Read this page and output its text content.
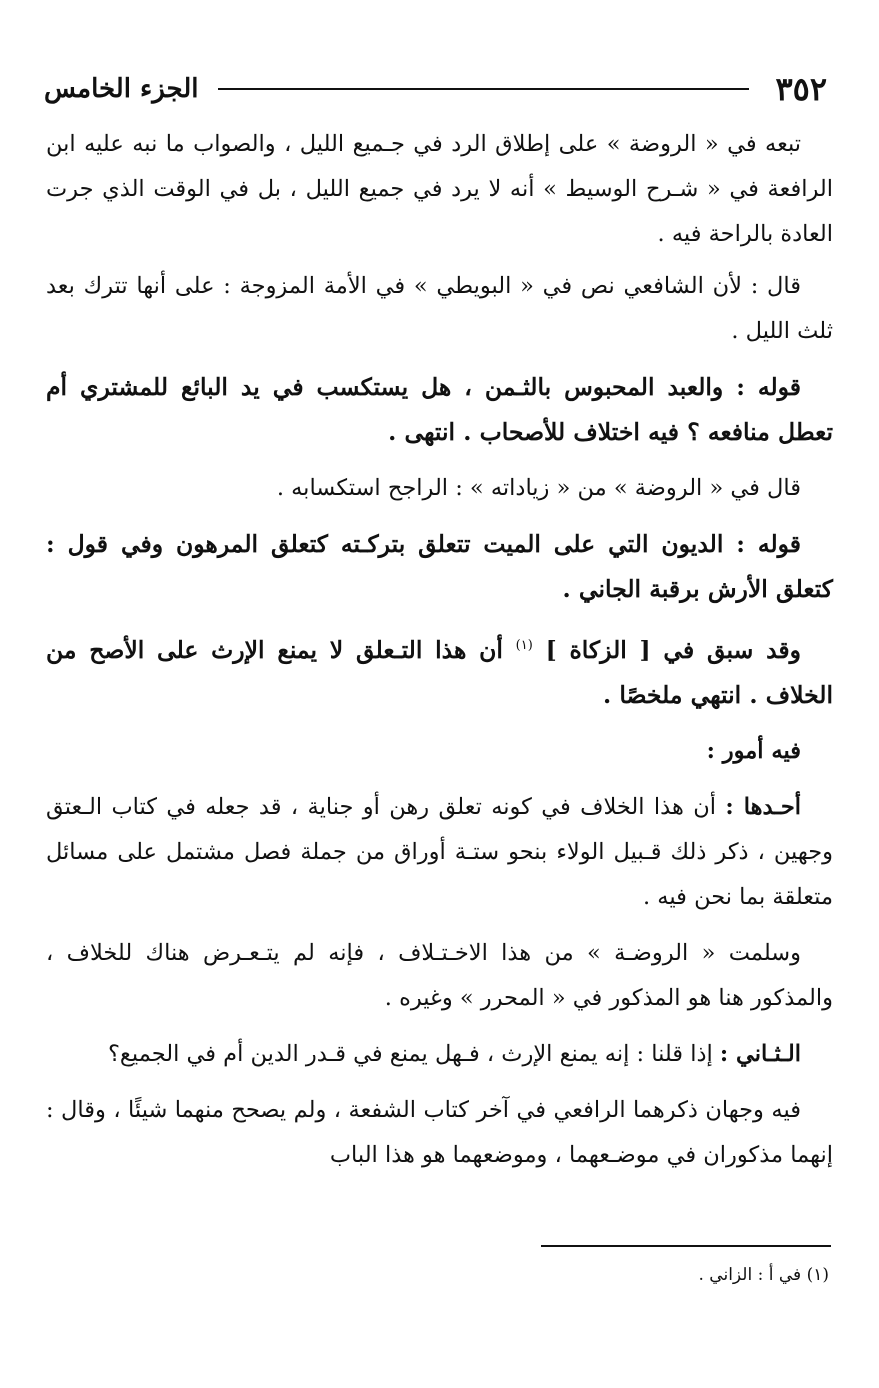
٣٥٢
الجزء الخامس

تبعه في « الروضة » على إطلاق الرد في جـميع الليل ، والصواب ما نبه عليه ابن الرافعة في « شـرح الوسيط » أنه لا يرد في جميع الليل ، بل في الوقت الذي جرت العادة بالراحة فيه .

قال : لأن الشافعي نص في « البويطي » في الأمة المزوجة : على أنها تترك بعد ثلث الليل .

قوله : والعبد المحبوس بالثـمن ، هل يستكسب في يد البائع للمشتري أم تعطل منافعه ؟ فيه اختلاف للأصحاب . انتهى .

قال في « الروضة » من « زياداته » : الراجح استكسابه .

قوله : الديون التي على الميت تتعلق بتركـته كتعلق المرهون وفي قول : كتعلق الأرش برقبة الجاني .

وقد سبق في [ الزكاة ] $^{(١)}$ أن هذا التـعلق لا يمنع الإرث على الأصح من الخلاف . انتهي ملخصًا .

فيه أمور :

أحـدها : أن هذا الخلاف في كونه تعلق رهن أو جناية ، قد جعله في كتاب الـعتق وجهين ، ذكر ذلك قـبيل الولاء بنحو ستـة أوراق من جملة فصل مشتمل على مسائل متعلقة بما نحن فيه .

وسلمت « الروضـة » من هذا الاخـتـلاف ، فإنه لم يتـعـرض هناك للخلاف ، والمذكور هنا هو المذكور في « المحرر » وغيره .

الـثـاني : إذا قلنا : إنه يمنع الإرث ، فـهل يمنع في قـدر الدين أم في الجميع؟

فيه وجهان ذكرهما الرافعي في آخر كتاب الشفعة ، ولم يصحح منهما شيئًا ، وقال : إنهما مذكوران في موضـعهما ، وموضعهما هو هذا الباب

(١) في أ : الزاني .
